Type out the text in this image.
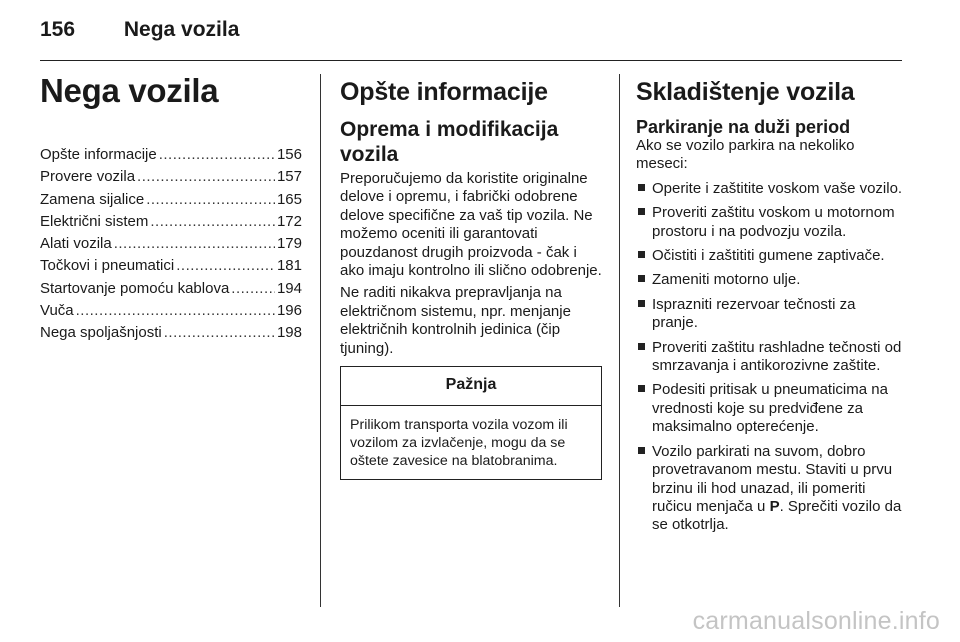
156 Nega vozila
Nega vozila
Opšte informacije .....	156
Provere vozila .....	157
Zamena sijalice .....	165
Električni sistem .....	172
Alati vozila .....	179
Točkovi i pneumatici .....	181
Startovanje pomoću kablova .....	194
Vuča .....	196
Nega spoljašnjosti .....	198
Opšte informacije
Oprema i modifikacija vozila

Preporučujemo da koristite originalne delove i opremu, i fabrički odobrene delove specifične za vaš tip vozila. Ne možemo oceniti ili garantovati pouzdanost drugih proizvoda - čak i ako imaju kontrolno ili slično odobrenje.

Ne raditi nikakva prepravljanja na električnom sistemu, npr. menjanje električnih kontrolnih jedinica (čip tjuning).

Pažnja
Prilikom transporta vozila vozom ili vozilom za izvlačenje, mogu da se oštete zavesice na blatobranima.
Skladištenje vozila
Parkiranje na duži period

Ako se vozilo parkira na nekoliko meseci:

Operite i zaštitite voskom vaše vozilo.
Proveriti zaštitu voskom u motornom prostoru i na podvozju vozila.
Očistiti i zaštititi gumene zaptivače.
Zameniti motorno ulje.
Isprazniti rezervoar tečnosti za pranje.
Proveriti zaštitu rashladne tečnosti od smrzavanja i antikorozivne zaštite.
Podesiti pritisak u pneumaticima na vrednosti koje su predviđene za maksimalno opterećenje.
Vozilo parkirati na suvom, dobro provetravanom mestu. Staviti u prvu brzinu ili hod unazad, ili pomeriti ručicu menjača u P. Sprečiti vozilo da se otkotrlja.
carmanualsonline.info
